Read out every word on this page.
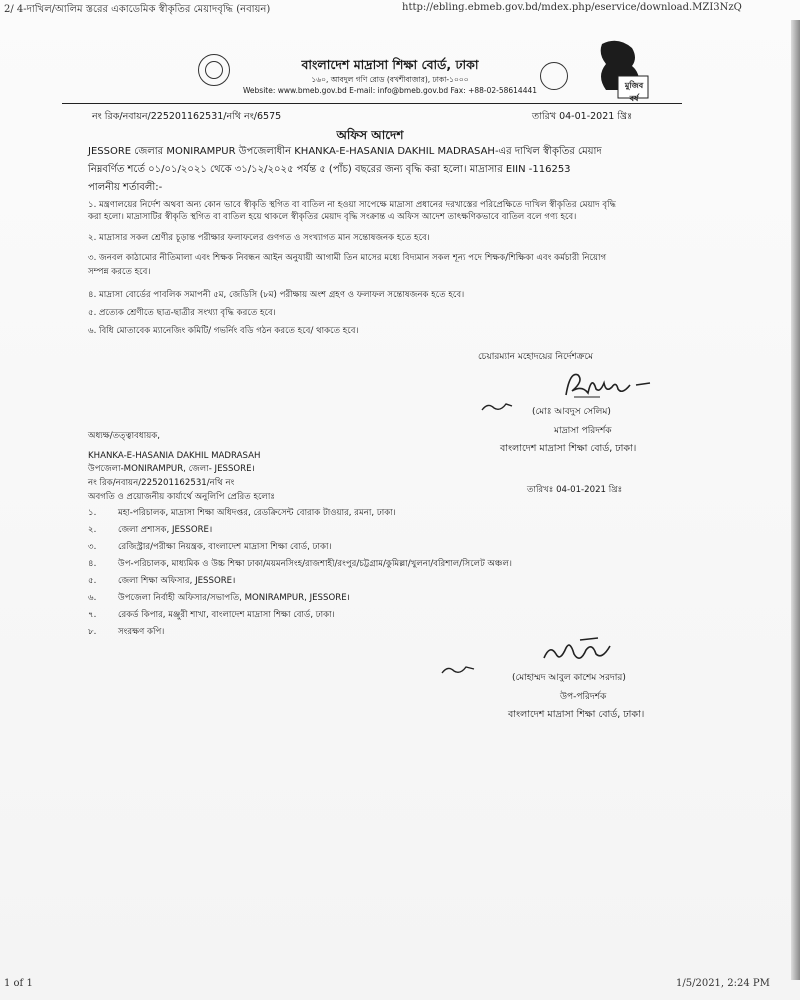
2/ 4-দাখিল/আলিম স্তরের একাডেমিক স্বীকৃতির মেয়াদবৃদ্ধি (নবায়ন)	http://ebling.ebmeb.gov.bd/mdex.php/eservice/download.MZI3NzQ
বাংলাদেশ মাদ্রাসা শিক্ষা বোর্ড, ঢাকা
১৬০, আবদুল গণি রোড (বখশীবাজার), ঢাকা-১০০০
Website: www.bmeb.gov.bd E-mail: info@bmeb.gov.bd Fax: +88-02-58614441
মুজিব বর্ষ
নং রিক/নবায়ন/225201162531/নথি নং/6575	তারিখ 04-01-2021 খ্রিঃ
অফিস আদেশ
JESSORE জেলার MONIRAMPUR উপজেলাধীন KHANKA-E-HASANIA DAKHIL MADRASAH-এর দাখিল স্বীকৃতির মেয়াদ
নিম্নবর্ণিত শর্তে ০১/০১/২০২১ থেকে ৩১/১২/২০২৫ পর্যন্ত ৫ (পাঁচ) বছরের জন্য বৃদ্ধি করা হলো। মাদ্রাসার EIIN -116253
পালনীয় শর্তাবলী:-
১. মন্ত্রণালয়ের নির্দেশ অথবা অন্য কোন ভাবে স্বীকৃতি স্থগিত বা বাতিল না হওয়া সাপেক্ষে মাদ্রাসা প্রধানের দরখাস্তের পরিপ্রেক্ষিতে দাখিল স্বীকৃতির মেয়াদ বৃদ্ধি
করা হলো। মাদ্রাসাটির স্বীকৃতি স্থগিত বা বাতিল হয়ে থাকলে স্বীকৃতির মেয়াদ বৃদ্ধি সংক্রান্ত এ অফিস আদেশ তাৎক্ষণিকভাবে বাতিল বলে গণ্য হবে।
২. মাদ্রাসার সকল শ্রেণীর চূড়ান্ত পরীক্ষার ফলাফলের গুণগত ও সংখ্যাগত মান সন্তোষজনক হতে হবে।
৩. জনবল কাঠামোর নীতিমালা এবং শিক্ষক নিবন্ধন আইন অনুযায়ী আগামী তিন মাসের মধ্যে বিদ্যমান সকল শূন্য পদে শিক্ষক/শিক্ষিকা এবং কর্মচারী নিয়োগ
সম্পন্ন করতে হবে।
৪. মাদ্রাসা বোর্ডের পাবলিক সমাপনী ৫ম, জেডিসি (৮ম) পরীক্ষায় অংশ গ্রহণ ও ফলাফল সন্তোষজনক হতে হবে।
৫. প্রত্যেক শ্রেণীতে ছাত্র-ছাত্রীর সংখ্যা বৃদ্ধি করতে হবে।
৬. বিধি মোতাবেক ম্যানেজিং কমিটি/ গভর্নিং বডি গঠন করতে হবে/ থাকতে হবে।
চেয়ারম্যান মহোদয়ের নির্দেশক্রমে
(মোঃ আবদুস সেলিম)
মাদ্রাসা পরিদর্শক
বাংলাদেশ মাদ্রাসা শিক্ষা বোর্ড, ঢাকা।
অধ্যক্ষ/তত্ত্বাবধায়ক,
KHANKA-E-HASANIA DAKHIL MADRASAH
উপজেলা-MONIRAMPUR, জেলা- JESSORE।
নং রিক/নবায়ন/225201162531/নথি নং
তারিখঃ 04-01-2021 খ্রিঃ
অবগতি ও প্রয়োজনীয় কার্যার্থে অনুলিপি প্রেরিত হলোঃ
১.	মহা-পরিচালক, মাদ্রাসা শিক্ষা অধিদপ্তর, রেডক্রিসেন্ট বোরাক টাওয়ার, রমনা, ঢাকা।
২.	জেলা প্রশাসক, JESSORE।
৩.	রেজিস্ট্রার/পরীক্ষা নিয়ন্ত্রক, বাংলাদেশ মাদ্রাসা শিক্ষা বোর্ড, ঢাকা।
৪.	উপ-পরিচালক, মাধ্যমিক ও উচ্চ শিক্ষা ঢাকা/ময়মনসিংহ/রাজশাহী/রংপুর/চট্টগ্রাম/কুমিল্লা/খুলনা/বরিশাল/সিলেট অঞ্চল।
৫.	জেলা শিক্ষা অফিসার, JESSORE।
৬.	উপজেলা নির্বাহী অফিসার/সভাপতি, MONIRAMPUR, JESSORE।
৭.	রেকর্ড কিপার, মঞ্জুরী শাখা, বাংলাদেশ মাদ্রাসা শিক্ষা বোর্ড, ঢাকা।
৮.	সংরক্ষণ কপি।
(মোহাম্মদ আবুল কাশেম সরদার)
উপ-পরিদর্শক
বাংলাদেশ মাদ্রাসা শিক্ষা বোর্ড, ঢাকা।
1 of 1	1/5/2021, 2:24 PM
